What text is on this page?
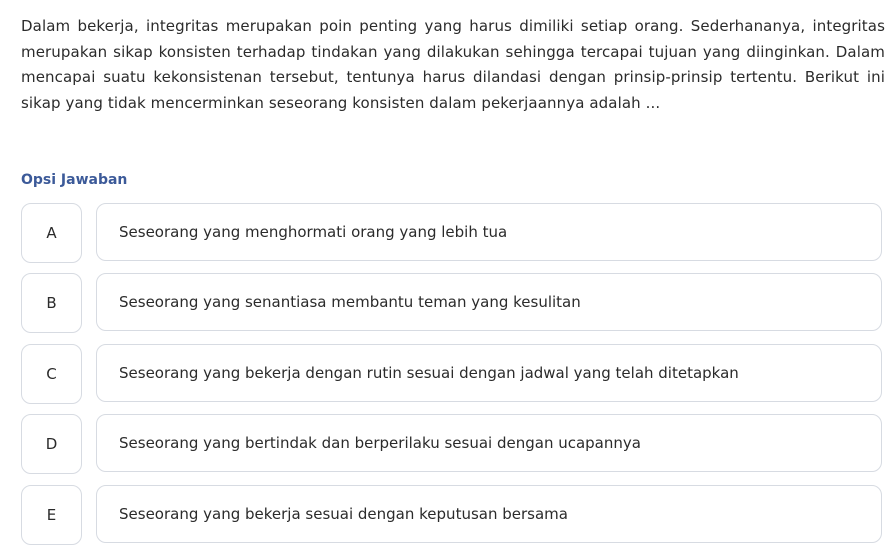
Dalam bekerja, integritas merupakan poin penting yang harus dimiliki setiap orang. Sederhananya, integritas merupakan sikap konsisten terhadap tindakan yang dilakukan sehingga tercapai tujuan yang diinginkan. Dalam mencapai suatu kekonsistenan tersebut, tentunya harus dilandasi dengan prinsip-prinsip tertentu. Berikut ini sikap yang tidak mencerminkan seseorang konsisten dalam pekerjaannya adalah ...
Opsi Jawaban
A	Seseorang yang menghormati orang yang lebih tua
B	Seseorang yang senantiasa membantu teman yang kesulitan
C	Seseorang yang bekerja dengan rutin sesuai dengan jadwal yang telah ditetapkan
D	Seseorang yang bertindak dan berperilaku sesuai dengan ucapannya
E	Seseorang yang bekerja sesuai dengan keputusan bersama
